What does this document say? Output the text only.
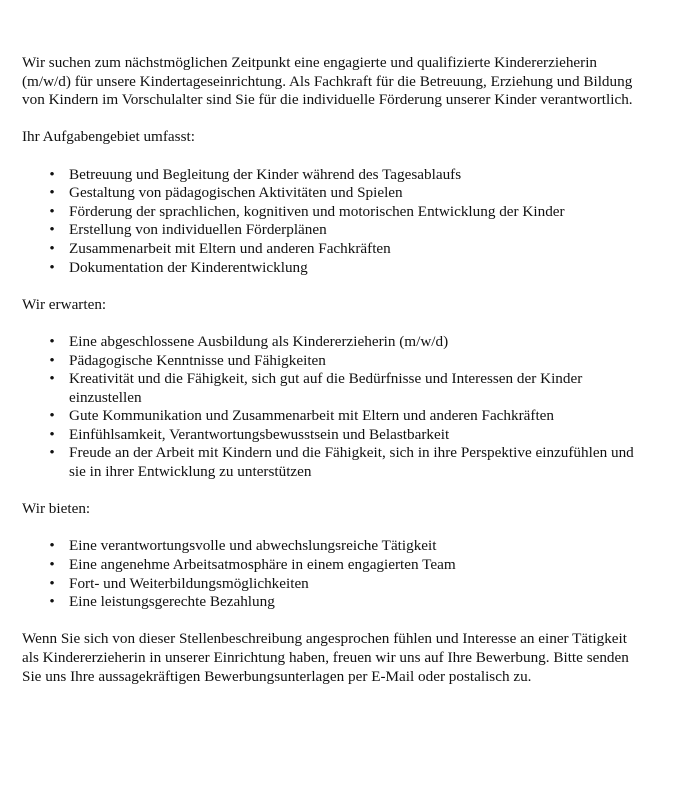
Wir suchen zum nächstmöglichen Zeitpunkt eine engagierte und qualifizierte Kindererzieherin (m/w/d) für unsere Kindertageseinrichtung. Als Fachkraft für die Betreuung, Erziehung und Bildung von Kindern im Vorschulalter sind Sie für die individuelle Förderung unserer Kinder verantwortlich.

Ihr Aufgabengebiet umfasst:

• Betreuung und Begleitung der Kinder während des Tagesablaufs
• Gestaltung von pädagogischen Aktivitäten und Spielen
• Förderung der sprachlichen, kognitiven und motorischen Entwicklung der Kinder
• Erstellung von individuellen Förderplänen
• Zusammenarbeit mit Eltern und anderen Fachkräften
• Dokumentation der Kinderentwicklung

Wir erwarten:

• Eine abgeschlossene Ausbildung als Kindererzieherin (m/w/d)
• Pädagogische Kenntnisse und Fähigkeiten
• Kreativität und die Fähigkeit, sich gut auf die Bedürfnisse und Interessen der Kinder einzustellen
• Gute Kommunikation und Zusammenarbeit mit Eltern und anderen Fachkräften
• Einfühlsamkeit, Verantwortungsbewusstsein und Belastbarkeit
• Freude an der Arbeit mit Kindern und die Fähigkeit, sich in ihre Perspektive einzufühlen und sie in ihrer Entwicklung zu unterstützen

Wir bieten:

• Eine verantwortungsvolle und abwechslungsreiche Tätigkeit
• Eine angenehme Arbeitsatmosphäre in einem engagierten Team
• Fort- und Weiterbildungsmöglichkeiten
• Eine leistungsgerechte Bezahlung

Wenn Sie sich von dieser Stellenbeschreibung angesprochen fühlen und Interesse an einer Tätigkeit als Kindererzieherin in unserer Einrichtung haben, freuen wir uns auf Ihre Bewerbung. Bitte senden Sie uns Ihre aussagekräftigen Bewerbungsunterlagen per E-Mail oder postalisch zu.
